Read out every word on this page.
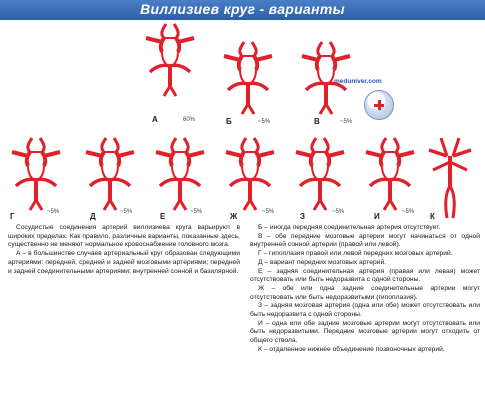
Виллизиев круг - варианты
А	60%	Б	~5%	В	~5%
meduniver.com
Г	~5%	Д	~5%	Е	~5%	Ж	~5%	З	~5%	И	~5% К

Сосудистые соединения артерий виллизиева круга варьируют в широких пределах. Как правило, различные варианты, показанные здесь, существенно не меняют нормальное кровоснабжение головного мозга.

А – в большинстве случаев артериальный круг образован следующими артериями: передней, средней и задней мозговыми артериями; передней и задней соединительными артериями; внутренней сонной и базилярной.

Б – иногда передняя соединительная артерия отсутствует.

В – обе передние мозговые артерии могут начинаться от одной внутренней сонной артерии (правой или левой).

Г – гипоплазия правой или левой передних мозговых артерий.

Д – вариант передних мозговых артерий.

Е – задняя соединительная артерия (правая или левая) может отсутствовать или быть недоразвита с одной стороны.

Ж – обе или одна задние соединительные артерии могут отсутствовать или быть недоразвитыми (гипоплазия).

З – задняя мозговая артерия (одна или обе) может отсутствовать или быть недоразвита с одной стороны.

И – одна или обе задние мозговые артерии могут отсутствовать или быть недоразвитыми. Передние мозговые артерии могут отходить от общего ствола.

К – отдаленное нижнее объединение позвоночных артерий.
